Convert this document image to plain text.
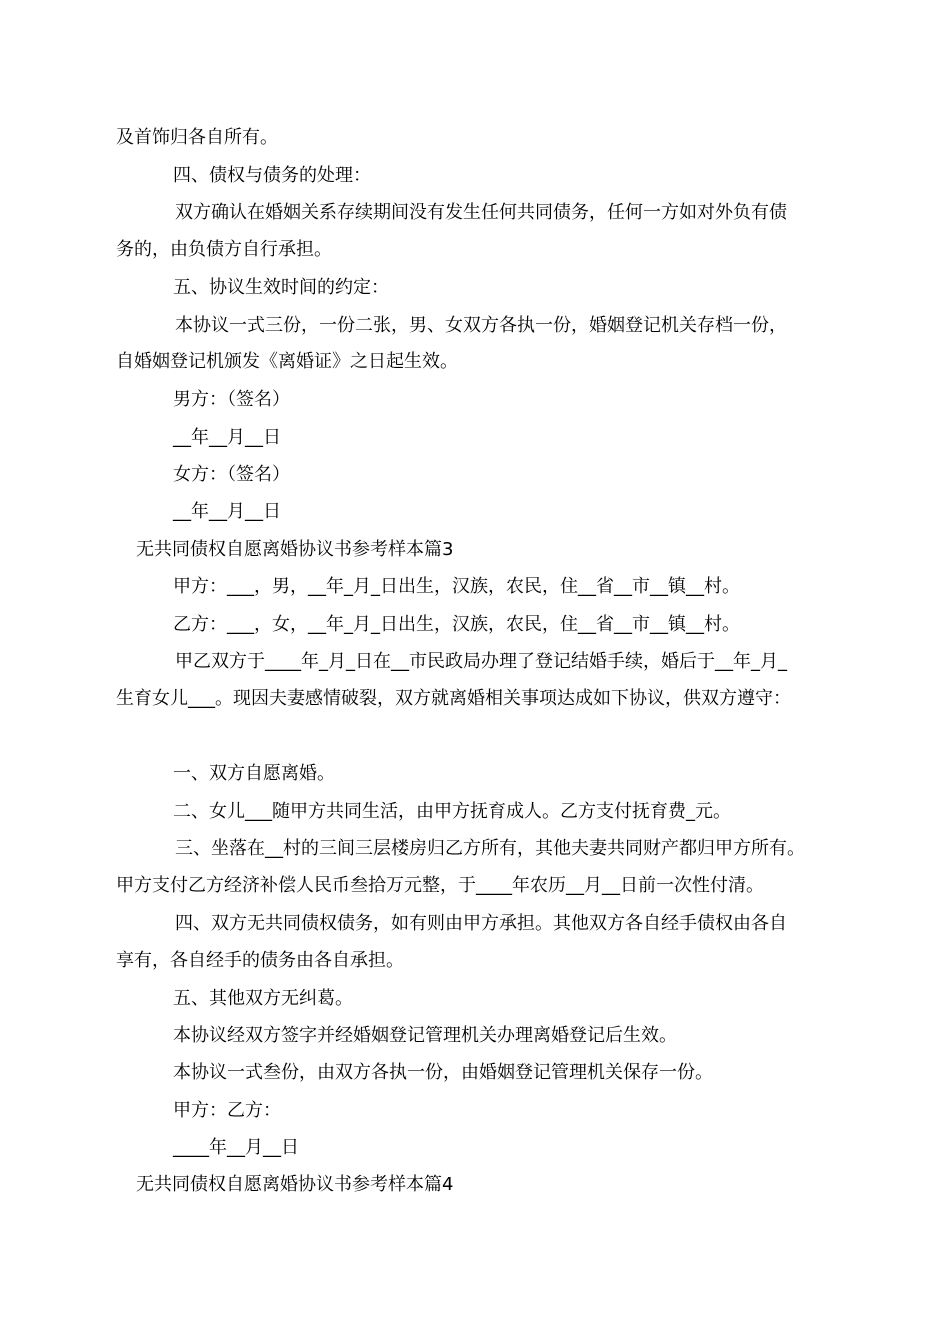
及首饰归各自所有。

四、债权与债务的处理：

双方确认在婚姻关系存续期间没有发生任何共同债务，任何一方如对外负有债

务的，由负债方自行承担。

五、协议生效时间的约定：

本协议一式三份，一份二张，男、女双方各执一份，婚姻登记机关存档一份，

自婚姻登记机颁发《离婚证》之日起生效。

男方：（签名）

__年__月__日

女方：（签名）

__年__月__日

无共同债权自愿离婚协议书参考样本篇3

甲方：___，男，__年_月_日出生，汉族，农民，住__省__市__镇__村。

乙方：___，女，__年_月_日出生，汉族，农民，住__省__市__镇__村。

甲乙双方于____年_月_日在__市民政局办理了登记结婚手续，婚后于__年_月_

生育女儿___。现因夫妻感情破裂，双方就离婚相关事项达成如下协议，供双方遵守：

一、双方自愿离婚。

二、女儿___随甲方共同生活，由甲方抚育成人。乙方支付抚育费_元。

三、坐落在__村的三间三层楼房归乙方所有，其他夫妻共同财产都归甲方所有。

甲方支付乙方经济补偿人民币叁拾万元整，于____年农历__月__日前一次性付清。

四、双方无共同债权债务，如有则由甲方承担。其他双方各自经手债权由各自

享有，各自经手的债务由各自承担。

五、其他双方无纠葛。

本协议经双方签字并经婚姻登记管理机关办理离婚登记后生效。

本协议一式叁份，由双方各执一份，由婚姻登记管理机关保存一份。

甲方：乙方：

____年__月__日

无共同债权自愿离婚协议书参考样本篇4
